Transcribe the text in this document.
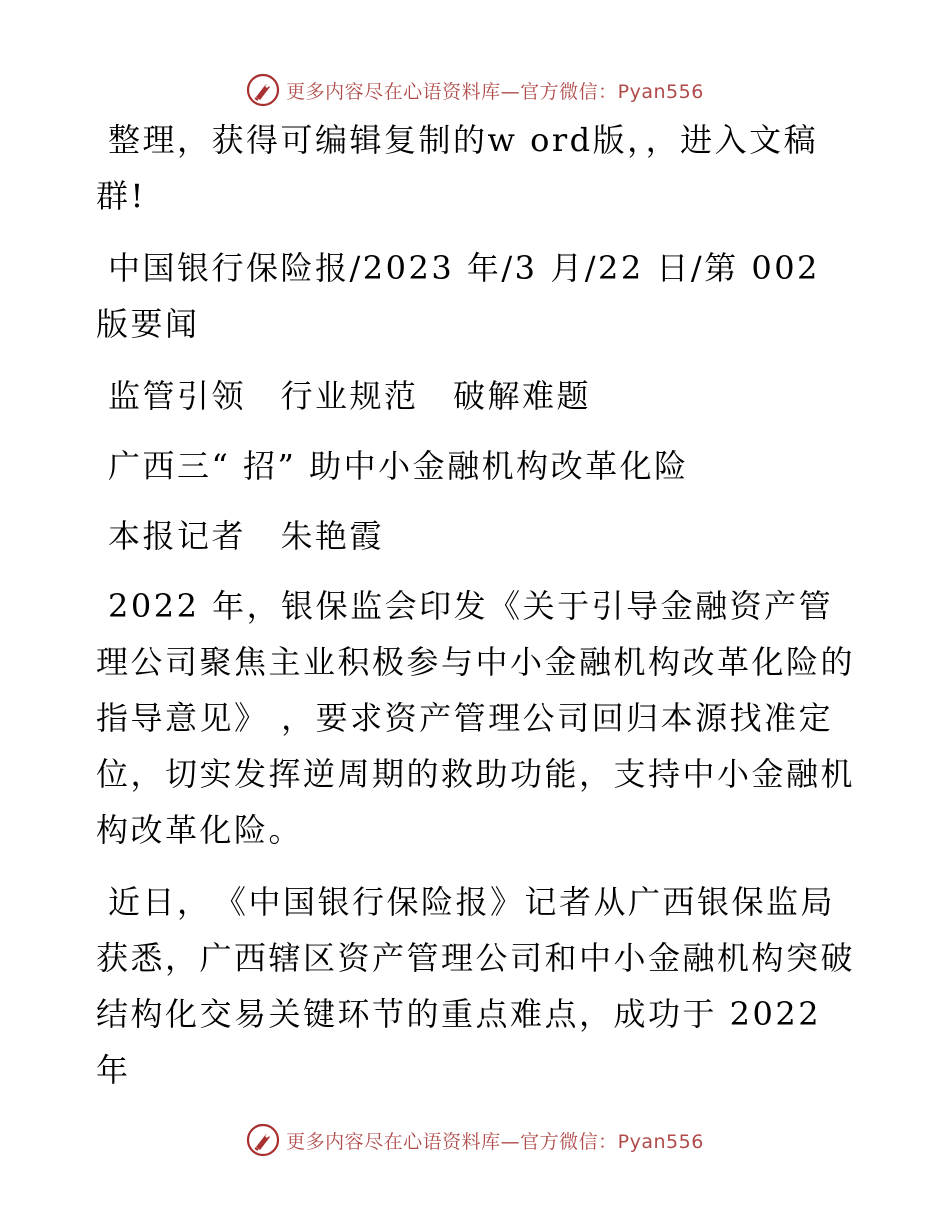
更多内容尽在心语资料库—官方微信：Pyan556

整理，获得可编辑复制的w ord版，，进入文稿群!

中国银行保险报/2023 年/3 月/22 日/第 002 版要闻

监管引领　行业规范　破解难题

广西三“ 招” 助中小金融机构改革化险

本报记者　朱艳霞

2022 年，银保监会印发《关于引导金融资产管理公司聚焦主业积极参与中小金融机构改革化险的指导意见》 ，要求资产管理公司回归本源找准定位，切实发挥逆周期的救助功能，支持中小金融机构改革化险。

近日，　《中国银行保险报》记者从广西银保监局获悉，广西辖区资产管理公司和中小金融机构突破结构化交易关键环节的重点难点，成功于 2022 年

更多内容尽在心语资料库—官方微信：Pyan556
